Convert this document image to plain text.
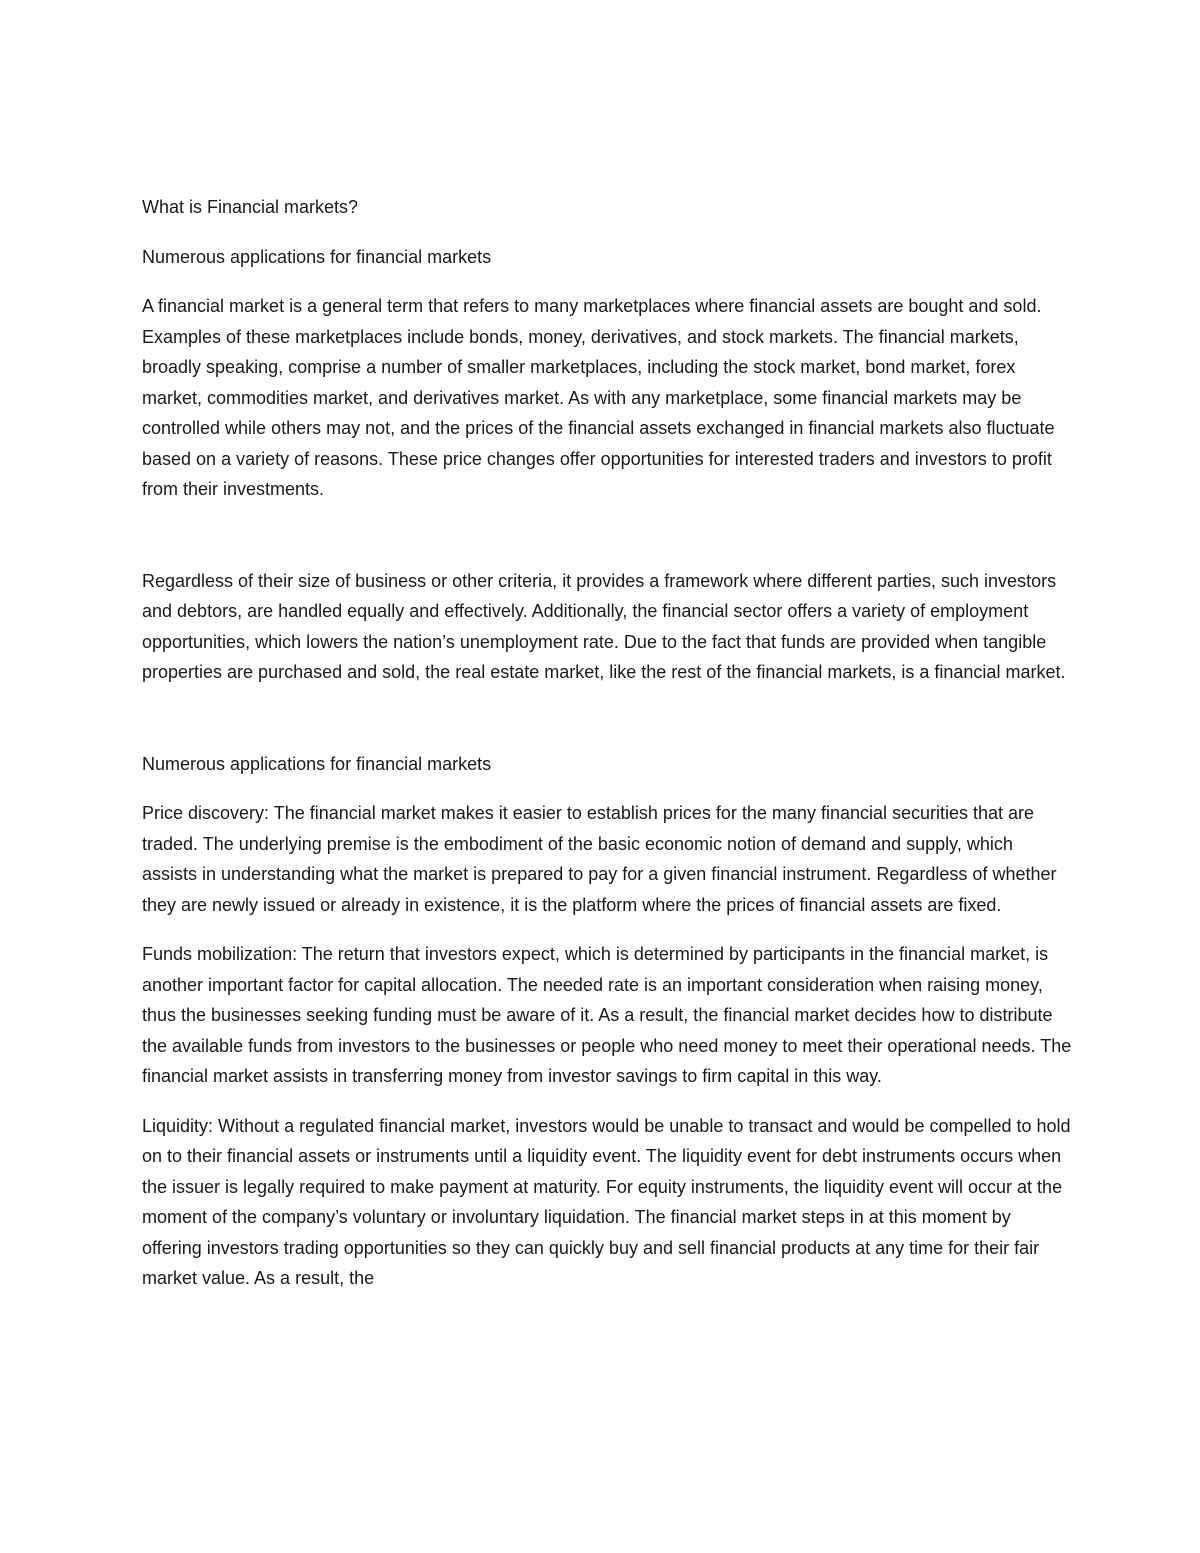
What is Financial markets?

Numerous applications for financial markets

A financial market is a general term that refers to many marketplaces where financial assets are bought and sold. Examples of these marketplaces include bonds, money, derivatives, and stock markets. The financial markets, broadly speaking, comprise a number of smaller marketplaces, including the stock market, bond market, forex market, commodities market, and derivatives market. As with any marketplace, some financial markets may be controlled while others may not, and the prices of the financial assets exchanged in financial markets also fluctuate based on a variety of reasons. These price changes offer opportunities for interested traders and investors to profit from their investments.

Regardless of their size of business or other criteria, it provides a framework where different parties, such investors and debtors, are handled equally and effectively. Additionally, the financial sector offers a variety of employment opportunities, which lowers the nation’s unemployment rate. Due to the fact that funds are provided when tangible properties are purchased and sold, the real estate market, like the rest of the financial markets, is a financial market.

Numerous applications for financial markets

Price discovery: The financial market makes it easier to establish prices for the many financial securities that are traded. The underlying premise is the embodiment of the basic economic notion of demand and supply, which assists in understanding what the market is prepared to pay for a given financial instrument. Regardless of whether they are newly issued or already in existence, it is the platform where the prices of financial assets are fixed.

Funds mobilization: The return that investors expect, which is determined by participants in the financial market, is another important factor for capital allocation. The needed rate is an important consideration when raising money, thus the businesses seeking funding must be aware of it. As a result, the financial market decides how to distribute the available funds from investors to the businesses or people who need money to meet their operational needs. The financial market assists in transferring money from investor savings to firm capital in this way.

Liquidity: Without a regulated financial market, investors would be unable to transact and would be compelled to hold on to their financial assets or instruments until a liquidity event. The liquidity event for debt instruments occurs when the issuer is legally required to make payment at maturity. For equity instruments, the liquidity event will occur at the moment of the company’s voluntary or involuntary liquidation. The financial market steps in at this moment by offering investors trading opportunities so they can quickly buy and sell financial products at any time for their fair market value. As a result, the
